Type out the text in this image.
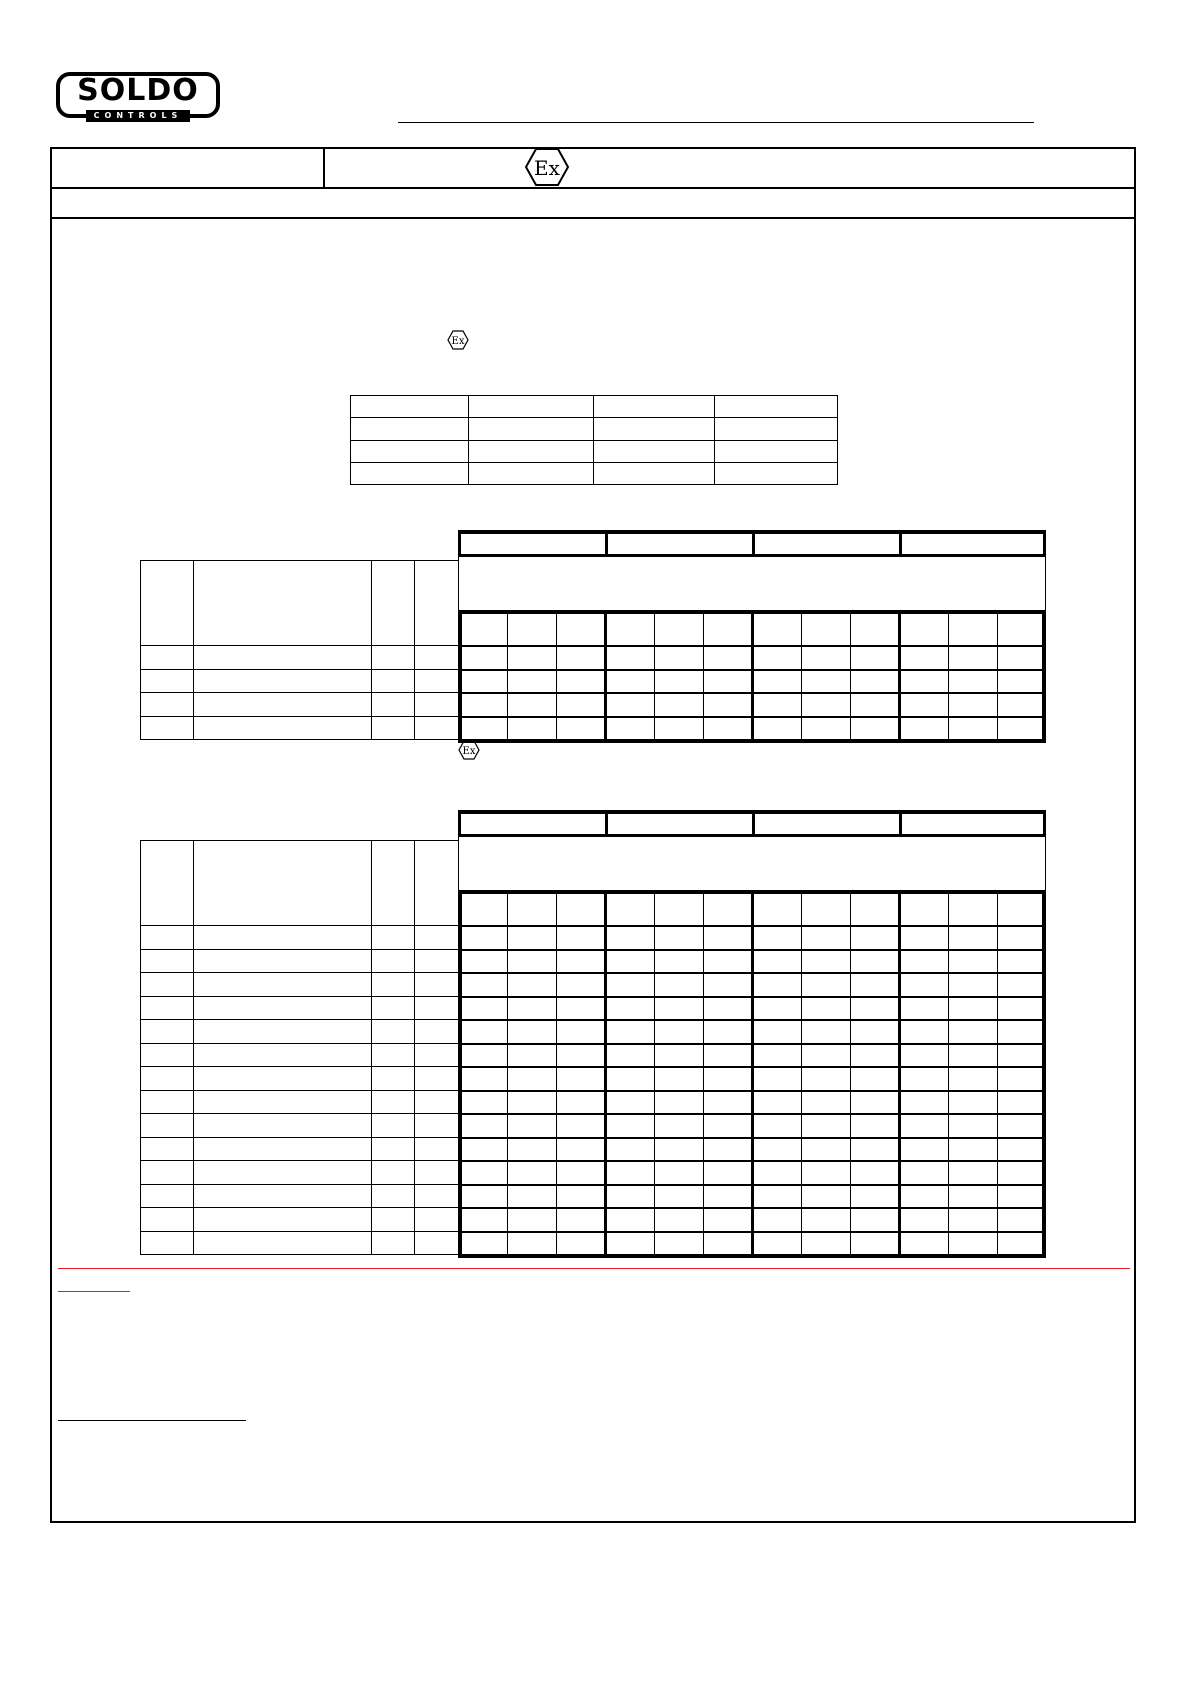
SOLDO
CONTROLS
Ex
Ex
Ex
